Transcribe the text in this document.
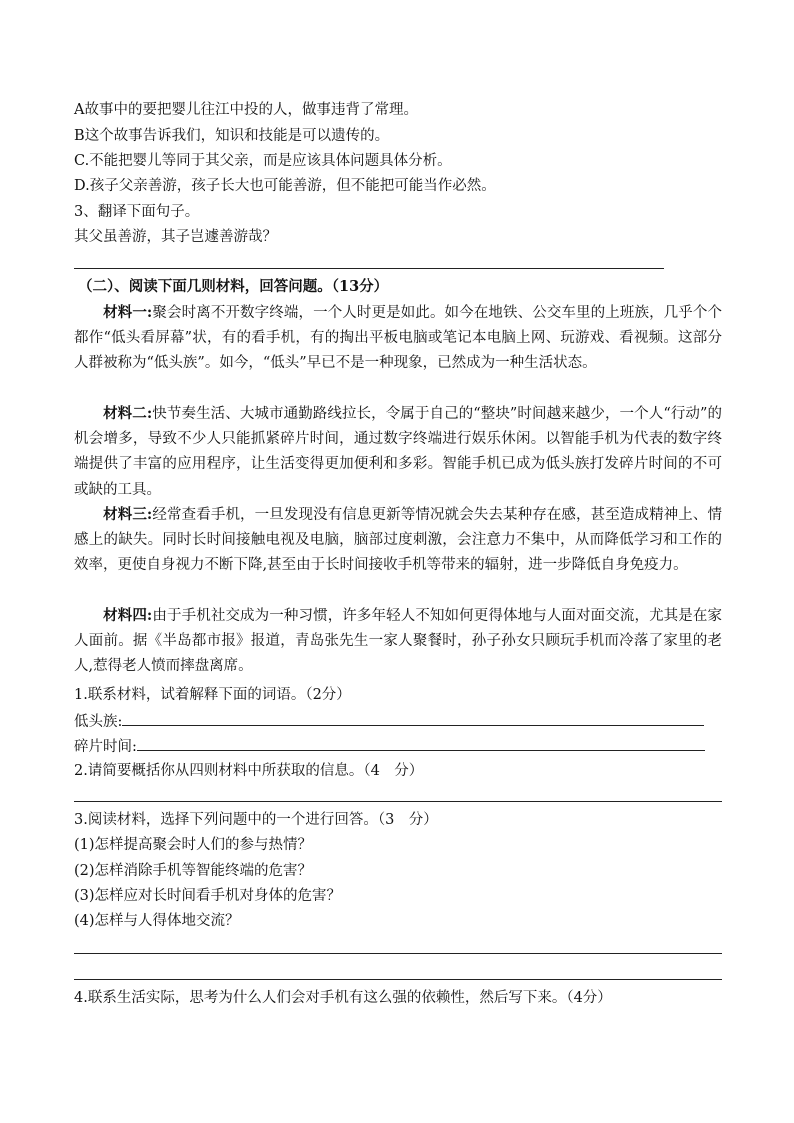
A故事中的要把婴儿往江中投的人，做事违背了常理。
B这个故事告诉我们，知识和技能是可以遗传的。
C.不能把婴儿等同于其父亲，而是应该具体问题具体分析。
D.孩子父亲善游，孩子长大也可能善游，但不能把可能当作必然。
3、翻译下面句子。
其父虽善游，其子岂遽善游哉？
（二）、阅读下面几则材料，回答问题。（13分）
材料一:聚会时离不开数字终端，一个人时更是如此。如今在地铁、公交车里的上班族，几乎个个都作“低头看屏幕”状，有的看手机，有的掏出平板电脑或笔记本电脑上网、玩游戏、看视频。这部分人群被称为“低头族”。如今，“低头”早已不是一种现象，已然成为一种生活状态。
材料二:快节奏生活、大城市通勤路线拉长，令属于自己的“整块”时间越来越少，一个人“行动”的机会增多，导致不少人只能抓紧碎片时间，通过数字终端进行娱乐休闲。以智能手机为代表的数字终端提供了丰富的应用程序，让生活变得更加便利和多彩。智能手机已成为低头族打发碎片时间的不可或缺的工具。
材料三:经常查看手机，一旦发现没有信息更新等情况就会失去某种存在感，甚至造成精神上、情感上的缺失。同时长时间接触电视及电脑，脑部过度刺激，会注意力不集中，从而降低学习和工作的效率，更使自身视力不断下降,甚至由于长时间接收手机等带来的辐射，进一步降低自身免疫力。
材料四:由于手机社交成为一种习惯，许多年轻人不知如何更得体地与人面对面交流，尤其是在家人面前。据《半岛都市报》报道，青岛张先生一家人聚餐时，孙子孙女只顾玩手机而冷落了家里的老人,惹得老人愤而摔盘离席。
1.联系材料，试着解释下面的词语。（2分）
低头族:
碎片时间:
2.请简要概括你从四则材料中所获取的信息。（4　分）
3.阅读材料，选择下列问题中的一个进行回答。（3　分）
(1)怎样提高聚会时人们的参与热情？
(2)怎样消除手机等智能终端的危害？
(3)怎样应对长时间看手机对身体的危害？
(4)怎样与人得体地交流？
4.联系生活实际，思考为什么人们会对手机有这么强的依赖性，然后写下来。（4分）
